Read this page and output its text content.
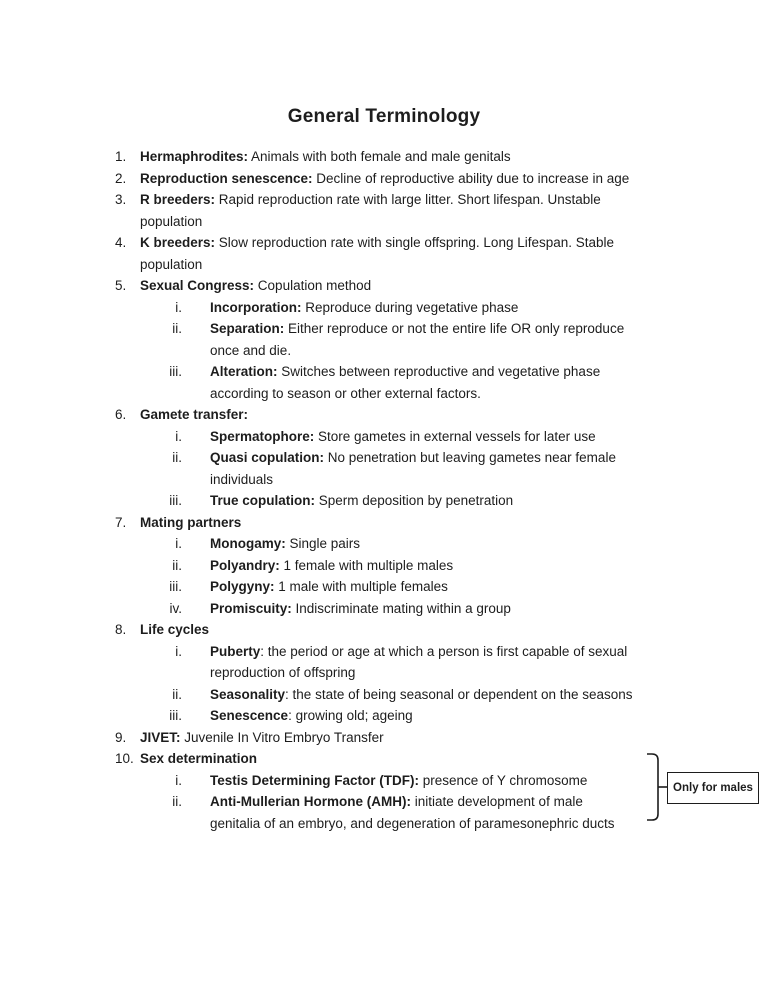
General Terminology
1. Hermaphrodites: Animals with both female and male genitals
2. Reproduction senescence: Decline of reproductive ability due to increase in age
3. R breeders: Rapid reproduction rate with large litter. Short lifespan. Unstable
population
4. K breeders: Slow reproduction rate with single offspring. Long Lifespan. Stable
population
5. Sexual Congress: Copulation method
i. Incorporation: Reproduce during vegetative phase
ii. Separation: Either reproduce or not the entire life OR only reproduce
once and die.
iii. Alteration: Switches between reproductive and vegetative phase
according to season or other external factors.
6. Gamete transfer:
i. Spermatophore: Store gametes in external vessels for later use
ii. Quasi copulation: No penetration but leaving gametes near female
individuals
iii. True copulation: Sperm deposition by penetration
7. Mating partners
i. Monogamy: Single pairs
ii. Polyandry: 1 female with multiple males
iii. Polygyny: 1 male with multiple females
iv. Promiscuity: Indiscriminate mating within a group
8. Life cycles
i. Puberty: the period or age at which a person is first capable of sexual
reproduction of offspring
ii. Seasonality: the state of being seasonal or dependent on the seasons
iii. Senescence: growing old; ageing
9. JIVET: Juvenile In Vitro Embryo Transfer
10. Sex determination
i. Testis Determining Factor (TDF): presence of Y chromosome
ii. Anti-Mullerian Hormone (AMH): initiate development of male
genitalia of an embryo, and degeneration of paramesonephric ducts
Only for males
